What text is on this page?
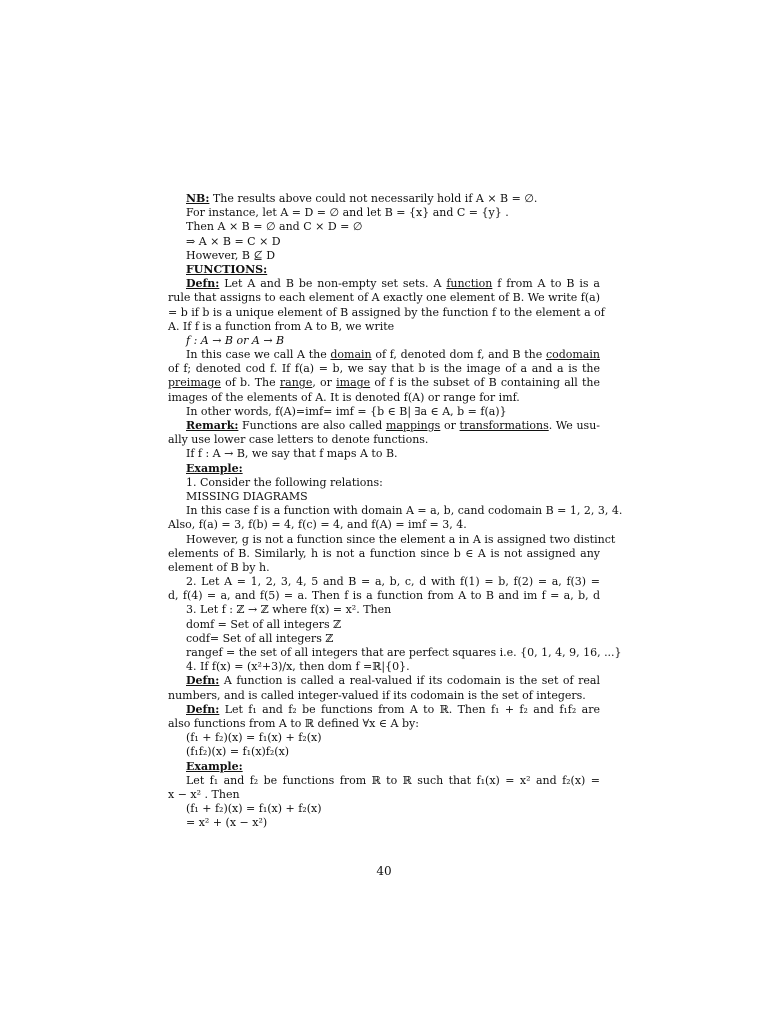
NB: The results above could not necessarily hold if A × B = ∅.
For instance, let A = D = ∅ and let B = {x} and C = {y} .
Then A × B = ∅ and C × D = ∅
⇒ A × B = C × D
However, B ⊈ D
FUNCTIONS:
Defn: Let A and B be non-empty set sets. A function f from A to B is a
rule that assigns to each element of A exactly one element of B. We write f(a)
= b if b is a unique element of B assigned by the function f to the element a of
A. If f is a function from A to B, we write
f : A → B or A → B
In this case we call A the domain of f, denoted dom f, and B the codomain
of f; denoted cod f. If f(a) = b, we say that b is the image of a and a is the
preimage of b. The range, or image of f is the subset of B containing all the
images of the elements of A. It is denoted f(A) or range for imf.
In other words, f(A)=imf= imf = {b ∈ B| ∃a ∈ A, b = f(a)}
Remark: Functions are also called mappings or transformations. We usu-
ally use lower case letters to denote functions.
If f : A → B, we say that f maps A to B.
Example:
1. Consider the following relations:
MISSING DIAGRAMS
In this case f is a function with domain A = a, b, cand codomain B = 1, 2, 3, 4.
Also, f(a) = 3, f(b) = 4, f(c) = 4, and f(A) = imf = 3, 4.
However, g is not a function since the element a in A is assigned two distinct
elements of B. Similarly, h is not a function since b ∈ A is not assigned any
element of B by h.
2. Let A = 1, 2, 3, 4, 5 and B = a, b, c, d with f(1) = b, f(2) = a, f(3) =
d, f(4) = a, and f(5) = a. Then f is a function from A to B and im f = a, b, d
3. Let f : ℤ → ℤ where f(x) = x². Then
domf = Set of all integers ℤ
codf= Set of all integers ℤ
rangef = the set of all integers that are perfect squares i.e. {0, 1, 4, 9, 16, ...}
4. If f(x) = (x²+3)/x, then dom f =ℝ|{0}.
Defn: A function is called a real-valued if its codomain is the set of real
numbers, and is called integer-valued if its codomain is the set of integers.
Defn: Let f₁ and f₂ be functions from A to ℝ. Then f₁ + f₂ and f₁f₂ are
also functions from A to ℝ defined ∀x ∈ A by:
(f₁ + f₂)(x) = f₁(x) + f₂(x)
(f₁f₂)(x) = f₁(x)f₂(x)
Example:
Let f₁ and f₂ be functions from ℝ to ℝ such that f₁(x) = x² and f₂(x) =
x − x² . Then
(f₁ + f₂)(x) = f₁(x) + f₂(x)
= x² + (x − x²)
40
